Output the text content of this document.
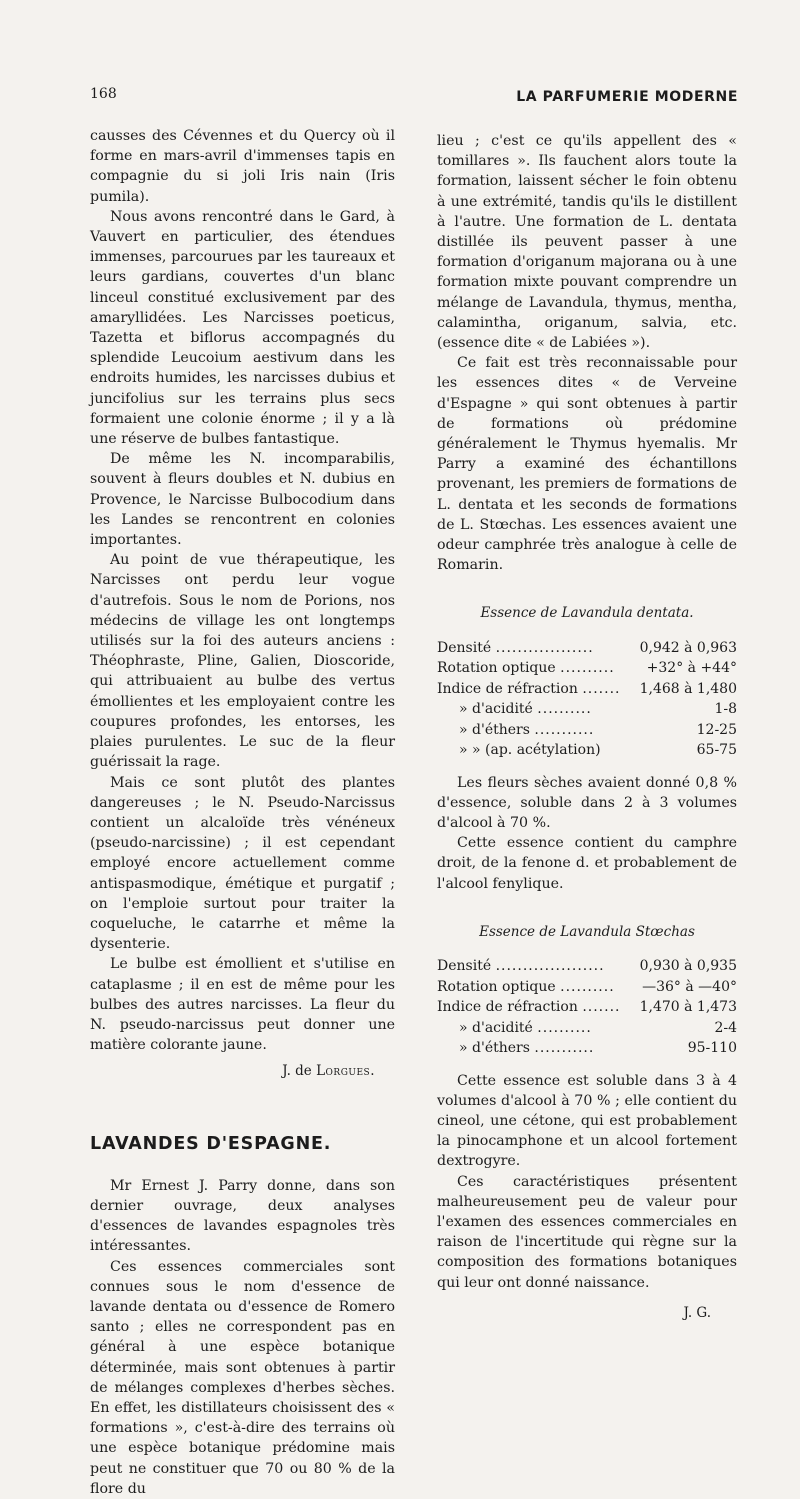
168	LA PARFUMERIE MODERNE

causses des Cévennes et du Quercy où il forme en mars-avril d'immenses tapis en compagnie du si joli Iris nain (Iris pumila).

Nous avons rencontré dans le Gard, à Vauvert en particulier, des étendues immenses, parcourues par les taureaux et leurs gardians, couvertes d'un blanc linceul constitué exclusivement par des amaryllidées. Les Narcisses poeticus, Tazetta et biflorus accompagnés du splendide Leucoium aestivum dans les endroits humides, les narcisses dubius et juncifolius sur les terrains plus secs formaient une colonie énorme ; il y a là une réserve de bulbes fantastique.

De même les N. incomparabilis, souvent à fleurs doubles et N. dubius en Provence, le Narcisse Bulbocodium dans les Landes se rencontrent en colonies importantes.

Au point de vue thérapeutique, les Narcisses ont perdu leur vogue d'autrefois. Sous le nom de Porions, nos médecins de village les ont longtemps utilisés sur la foi des auteurs anciens : Théophraste, Pline, Galien, Dioscoride, qui attribuaient au bulbe des vertus émollientes et les employaient contre les coupures profondes, les entorses, les plaies purulentes. Le suc de la fleur guérissait la rage.

Mais ce sont plutôt des plantes dangereuses ; le N. Pseudo-Narcissus contient un alcaloïde très vénéneux (pseudo-narcissine) ; il est cependant employé encore actuellement comme antispasmodique, émétique et purgatif ; on l'emploie surtout pour traiter la coqueluche, le catarrhe et même la dysenterie.

Le bulbe est émollient et s'utilise en cataplasme ; il en est de même pour les bulbes des autres narcisses. La fleur du N. pseudo-narcissus peut donner une matière colorante jaune.

J. de Lorgues.
LAVANDES D'ESPAGNE.

Mr Ernest J. Parry donne, dans son dernier ouvrage, deux analyses d'essences de lavandes espagnoles très intéressantes.

Ces essences commerciales sont connues sous le nom d'essence de lavande dentata ou d'essence de Romero santo ; elles ne correspondent pas en général à une espèce botanique déterminée, mais sont obtenues à partir de mélanges complexes d'herbes sèches. En effet, les distillateurs choisissent des « formations », c'est-à-dire des terrains où une espèce botanique prédomine mais peut ne constituer que 70 ou 80 % de la flore du

lieu ; c'est ce qu'ils appellent des « tomillares ». Ils fauchent alors toute la formation, laissent sécher le foin obtenu à une extrémité, tandis qu'ils le distillent à l'autre. Une formation de L. dentata distillée ils peuvent passer à une formation d'origanum majorana ou à une formation mixte pouvant comprendre un mélange de Lavandula, thymus, mentha, calaminthа, origanum, salvia, etc. (essence dite « de Labiées »).

Ce fait est très reconnaissable pour les essences dites « de Verveine d'Espagne » qui sont obtenues à partir de formations où prédomine généralement le Thymus hyemalis. Mr Parry a examiné des échantillons provenant, les premiers de formations de L. dentata et les seconds de formations de L. Stœchas. Les essences avaient une odeur camphrée très analogue à celle de Romarin.

Essence de Lavandula dentata.
Densité ..................	0,942 à 0,963
Rotation optique ..........	+32° à +44°
Indice de réfraction .......	1,468 à 1,480
» d'acidité ..........	1-8
» d'éthers ...........	12-25
» » (ap. acétylation)	65-75

Les fleurs sèches avaient donné 0,8 % d'essence, soluble dans 2 à 3 volumes d'alcool à 70 %.

Cette essence contient du camphre droit, de la fenone d. et probablement de l'alcool fenylique.

Essence de Lavandula Stœchas
Densité ....................	0,930 à 0,935
Rotation optique ..........	—36° à —40°
Indice de réfraction .......	1,470 à 1,473
» d'acidité ..........	2-4
» d'éthers ...........	95-110

Cette essence est soluble dans 3 à 4 volumes d'alcool à 70 % ; elle contient du cineol, une cétone, qui est probablement la pinocamphone et un alcool fortement dextrogyre.

Ces caractéristiques présentent malheureusement peu de valeur pour l'examen des essences commerciales en raison de l'incertitude qui règne sur la composition des formations botaniques qui leur ont donné naissance.

J. G.
